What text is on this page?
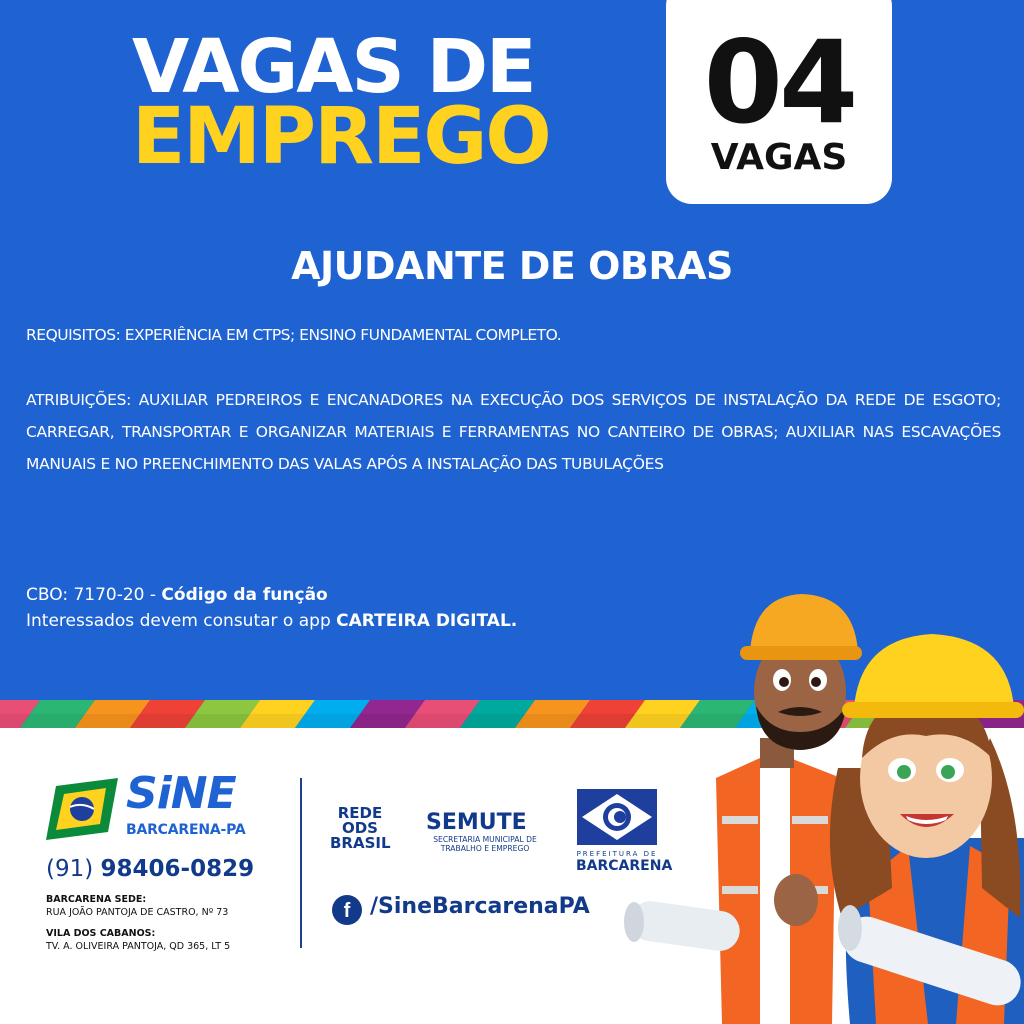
VAGAS DE
EMPREGO	04
VAGAS
AJUDANTE DE OBRAS
REQUISITOS: EXPERIÊNCIA EM CTPS; ENSINO FUNDAMENTAL COMPLETO.
ATRIBUIÇÕES: AUXILIAR PEDREIROS E ENCANADORES NA EXECUÇÃO DOS SERVIÇOS DE INSTALAÇÃO DA REDE DE ESGOTO; CARREGAR, TRANSPORTAR E ORGANIZAR MATERIAIS E FERRAMENTAS NO CANTEIRO DE OBRAS; AUXILIAR NAS ESCAVAÇÕES MANUAIS E NO PREENCHIMENTO DAS VALAS APÓS A INSTALAÇÃO DAS TUBULAÇÕES
CBO: 7170-20 - Código da função
Interessados devem consutar o app CARTEIRA DIGITAL.
SiNE
BARCARENA-PA
(91) 98406-0829
BARCARENA SEDE:
RUA JOÃO PANTOJA DE CASTRO, Nº 73
VILA DOS CABANOS:
TV. A. OLIVEIRA PANTOJA, QD 365, LT 5
REDE
ODS
BRASIL
SEMUTE
SECRETARIA MUNICIPAL DE TRABALHO E EMPREGO
PREFEITURA DE
BARCARENA
f /SineBarcarenaPA
